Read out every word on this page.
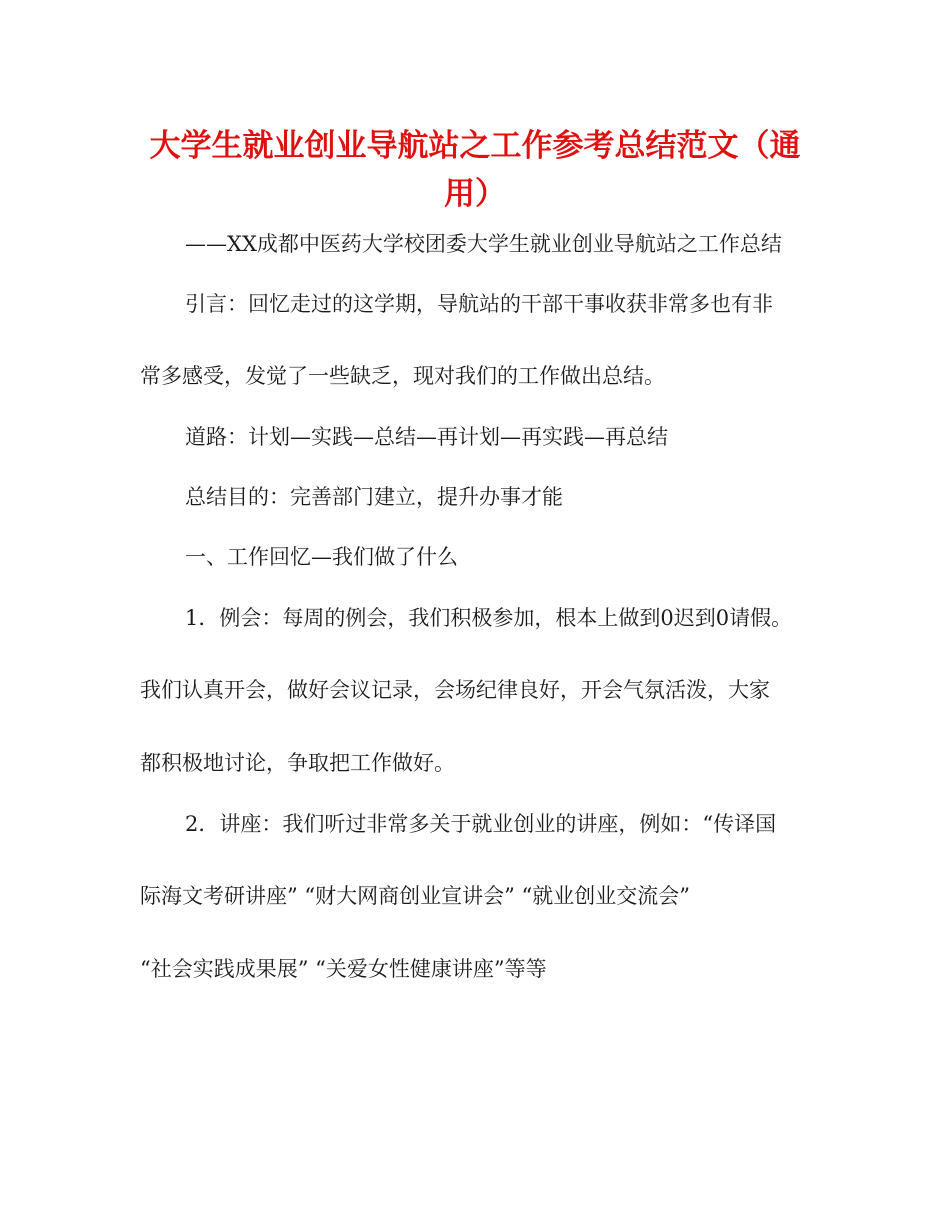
大学生就业创业导航站之工作参考总结范文（通用）
——XX成都中医药大学校团委大学生就业创业导航站之工作总结
引言：回忆走过的这学期，导航站的干部干事收获非常多也有非
常多感受，发觉了一些缺乏，现对我们的工作做出总结。
道路：计划—实践—总结—再计划—再实践—再总结
总结目的：完善部门建立，提升办事才能
一、工作回忆—我们做了什么
1．例会：每周的例会，我们积极参加，根本上做到0迟到0请假。
我们认真开会，做好会议记录，会场纪律良好，开会气氛活泼，大家
都积极地讨论，争取把工作做好。
2．讲座：我们听过非常多关于就业创业的讲座，例如：“传译国
际海文考研讲座” “财大网商创业宣讲会” “就业创业交流会”
“社会实践成果展” “关爱女性健康讲座”等等
